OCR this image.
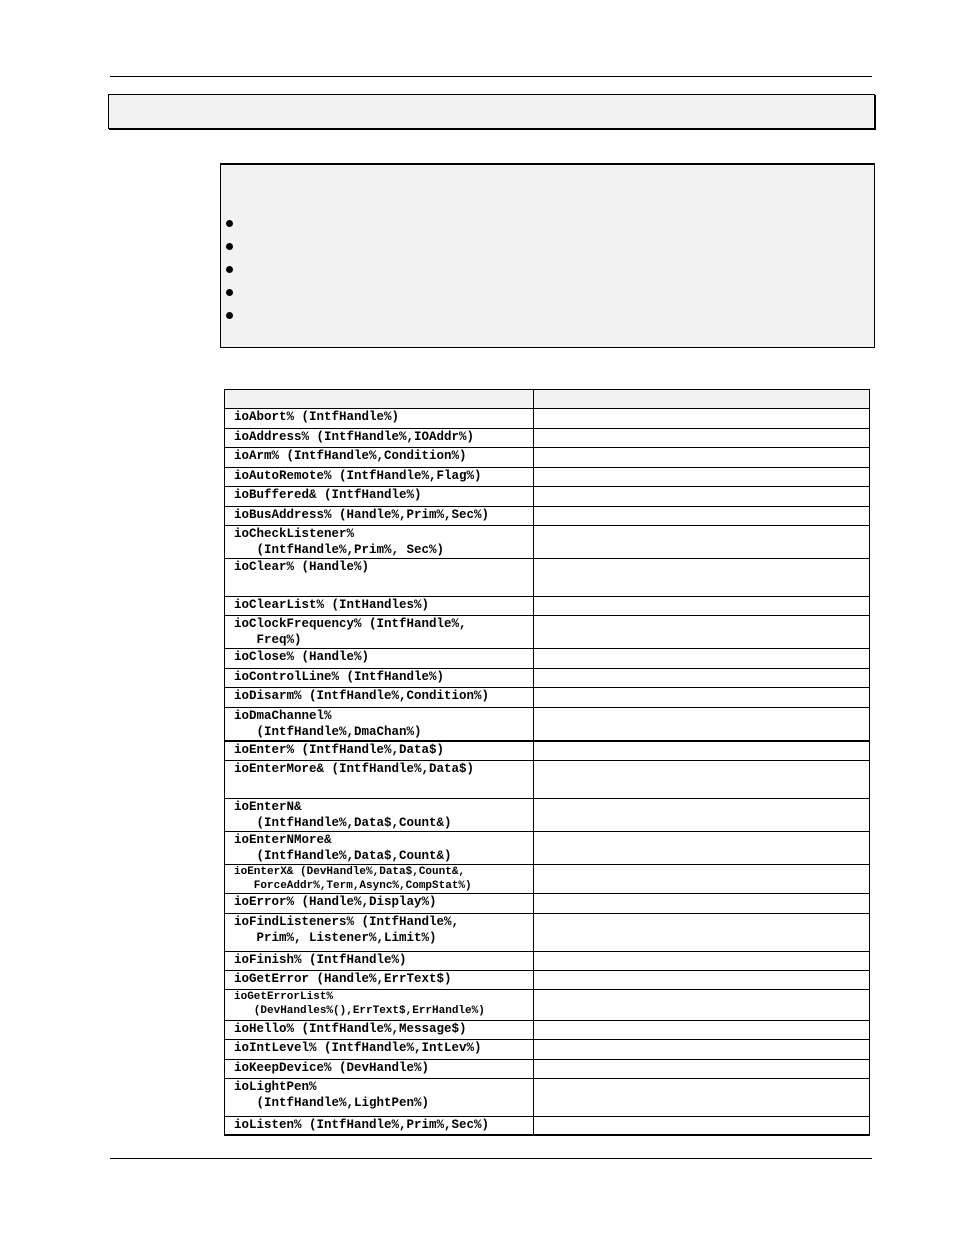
ioAbort% (IntfHandle%)	
ioAddress% (IntfHandle%,IOAddr%)	
ioArm% (IntfHandle%,Condition%)	
ioAutoRemote% (IntfHandle%,Flag%)	
ioBuffered& (IntfHandle%)	
ioBusAddress% (Handle%,Prim%,Sec%)	
ioCheckListener%
(IntfHandle%,Prim%, Sec%)	
ioClear% (Handle%)	
ioClearList% (IntHandles%)	
ioClockFrequency% (IntfHandle%,
Freq%)	
ioClose% (Handle%)	
ioControlLine% (IntfHandle%)	
ioDisarm% (IntfHandle%,Condition%)	
ioDmaChannel%
(IntfHandle%,DmaChan%)	
ioEnter% (IntfHandle%,Data$)	
ioEnterMore& (IntfHandle%,Data$)	
ioEnterN&
(IntfHandle%,Data$,Count&)	
ioEnterNMore&
(IntfHandle%,Data$,Count&)	
ioEnterX& (DevHandle%,Data$,Count&,
ForceAddr%,Term,Async%,CompStat%)	
ioError% (Handle%,Display%)	
ioFindListeners% (IntfHandle%,
Prim%, Listener%,Limit%)	
ioFinish% (IntfHandle%)	
ioGetError (Handle%,ErrText$)	
ioGetErrorList%
(DevHandles%(),ErrText$,ErrHandle%)	
ioHello% (IntfHandle%,Message$)	
ioIntLevel% (IntfHandle%,IntLev%)	
ioKeepDevice% (DevHandle%)	
ioLightPen%
(IntfHandle%,LightPen%)	
ioListen% (IntfHandle%,Prim%,Sec%)	
